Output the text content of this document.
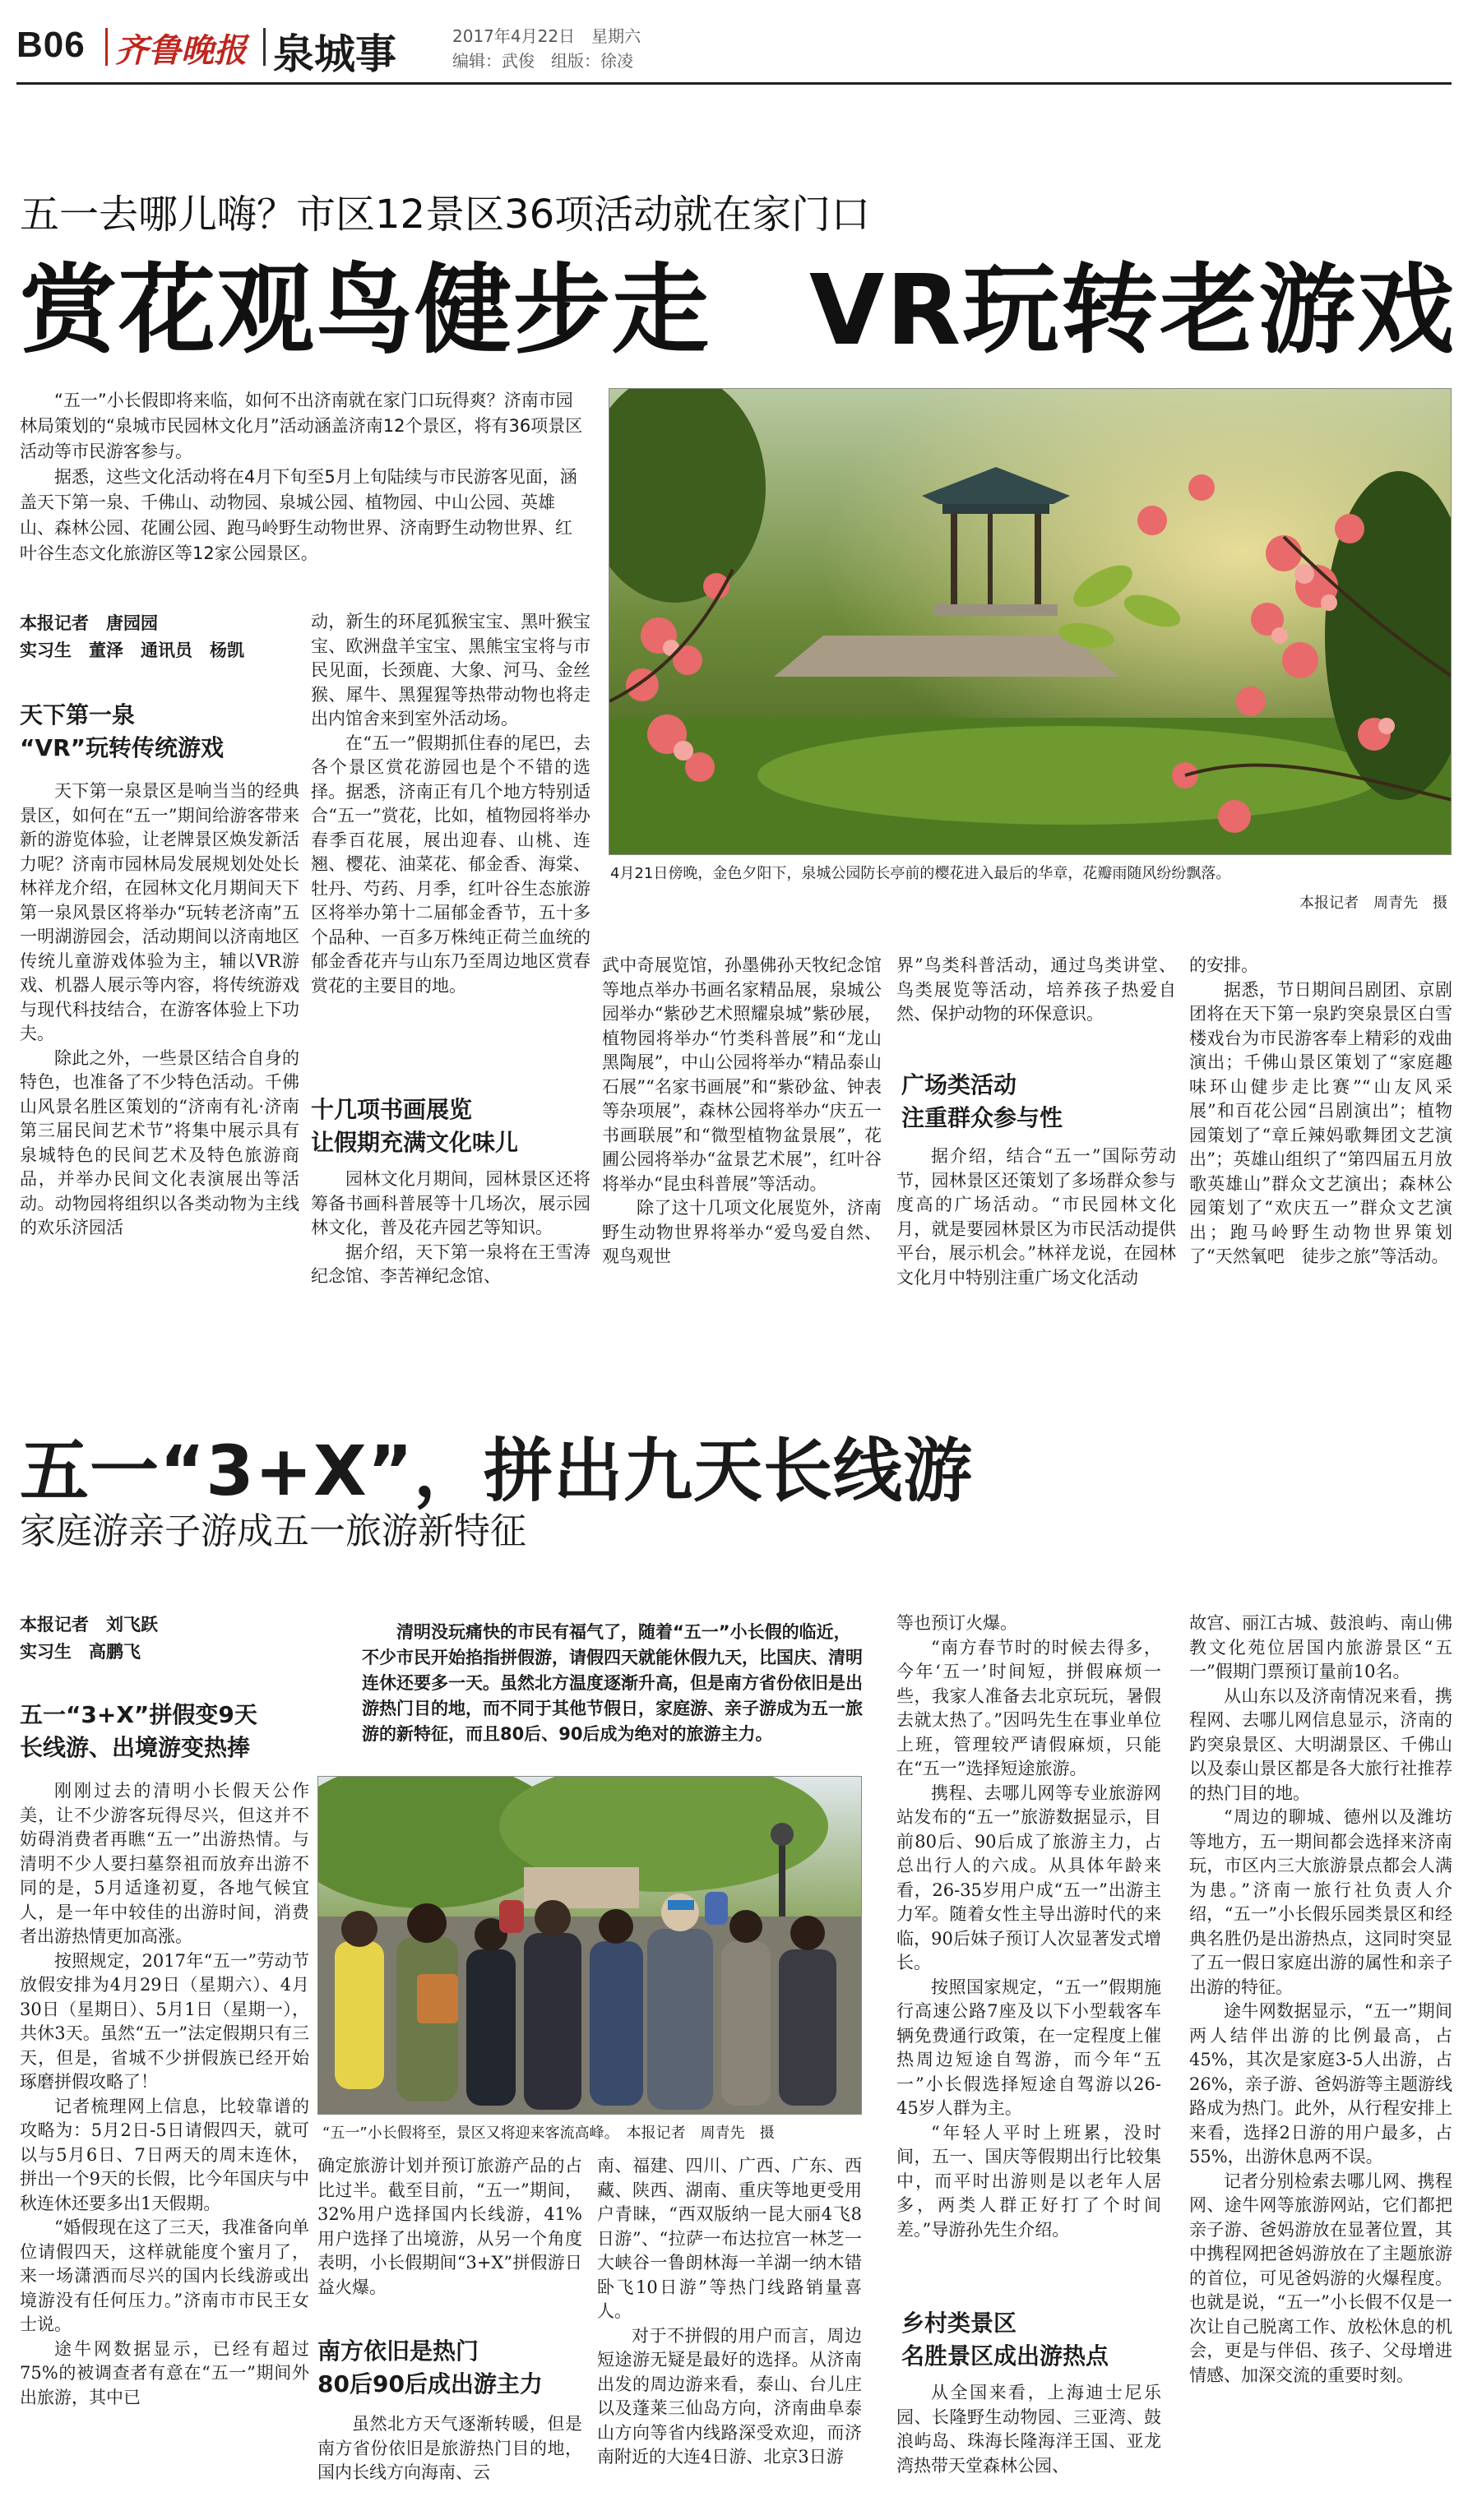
B06 齐鲁晚报 泉城事	2017年4月22日　星期六
编辑：武俊　组版：徐凌
五一去哪儿嗨？市区12景区36项活动就在家门口
赏花观鸟健步走　VR玩转老游戏

“五一”小长假即将来临，如何不出济南就在家门口玩得爽？济南市园林局策划的“泉城市民园林文化月”活动涵盖济南12个景区，将有36项景区活动等市民游客参与。

据悉，这些文化活动将在4月下旬至5月上旬陆续与市民游客见面，涵盖天下第一泉、千佛山、动物园、泉城公园、植物园、中山公园、英雄山、森林公园、花圃公园、跑马岭野生动物世界、济南野生动物世界、红叶谷生态文化旅游区等12家公园景区。

4月21日傍晚，金色夕阳下，泉城公园防长亭前的樱花进入最后的华章，花瓣雨随风纷纷飘落。
本报记者　周青先　摄
本报记者　唐园园
实习生　董泽　通讯员　杨凯
天下第一泉
“VR”玩转传统游戏

天下第一泉景区是响当当的经典景区，如何在“五一”期间给游客带来新的游览体验，让老牌景区焕发新活力呢？济南市园林局发展规划处处长林祥龙介绍，在园林文化月期间天下第一泉风景区将举办“玩转老济南”五一明湖游园会，活动期间以济南地区传统儿童游戏体验为主，辅以VR游戏、机器人展示等内容，将传统游戏与现代科技结合，在游客体验上下功夫。

除此之外，一些景区结合自身的特色，也准备了不少特色活动。千佛山风景名胜区策划的“济南有礼·济南第三届民间艺术节”将集中展示具有泉城特色的民间艺术及特色旅游商品，并举办民间文化表演展出等活动。动物园将组织以各类动物为主线的欢乐济园活

动，新生的环尾狐猴宝宝、黑叶猴宝宝、欧洲盘羊宝宝、黑熊宝宝将与市民见面，长颈鹿、大象、河马、金丝猴、犀牛、黑猩猩等热带动物也将走出内馆舍来到室外活动场。

在“五一”假期抓住春的尾巴，去各个景区赏花游园也是个不错的选择。据悉，济南正有几个地方特别适合“五一”赏花，比如，植物园将举办春季百花展，展出迎春、山桃、连翘、樱花、油菜花、郁金香、海棠、牡丹、芍药、月季，红叶谷生态旅游区将举办第十二届郁金香节，五十多个品种、一百多万株纯正荷兰血统的郁金香花卉与山东乃至周边地区赏春赏花的主要目的地。

十几项书画展览
让假期充满文化味儿

园林文化月期间，园林景区还将筹备书画科普展等十几场次，展示园林文化，普及花卉园艺等知识。

据介绍，天下第一泉将在王雪涛纪念馆、李苦禅纪念馆、

武中奇展览馆，孙墨佛孙天牧纪念馆等地点举办书画名家精品展，泉城公园举办“紫砂艺术照耀泉城”紫砂展，植物园将举办“竹类科普展”和“龙山黑陶展”，中山公园将举办“精品泰山石展”“名家书画展”和“紫砂盆、钟表等杂项展”，森林公园将举办“庆五一书画联展”和“微型植物盆景展”，花圃公园将举办“盆景艺术展”，红叶谷将举办“昆虫科普展”等活动。

除了这十几项文化展览外，济南野生动物世界将举办“爱鸟爱自然、观鸟观世

界”鸟类科普活动，通过鸟类讲堂、鸟类展览等活动，培养孩子热爱自然、保护动物的环保意识。

广场类活动
注重群众参与性

据介绍，结合“五一”国际劳动节，园林景区还策划了多场群众参与度高的广场活动。“市民园林文化月，就是要园林景区为市民活动提供平台，展示机会。”林祥龙说，在园林文化月中特别注重广场文化活动

的安排。

据悉，节日期间吕剧团、京剧团将在天下第一泉趵突泉景区白雪楼戏台为市民游客奉上精彩的戏曲演出；千佛山景区策划了“家庭趣味环山健步走比赛”“山友风采展”和百花公园“吕剧演出”；植物园策划了“章丘辣妈歌舞团文艺演出”；英雄山组织了“第四届五月放歌英雄山”群众文艺演出；森林公园策划了“欢庆五一”群众文艺演出；跑马岭野生动物世界策划了“天然氧吧　徒步之旅”等活动。

五一“3+X”，拼出九天长线游
家庭游亲子游成五一旅游新特征
本报记者　刘飞跃
实习生　高鹏飞
清明没玩痛快的市民有福气了，随着“五一”小长假的临近，不少市民开始掐指拼假游，请假四天就能休假九天，比国庆、清明连休还要多一天。虽然北方温度逐渐升高，但是南方省份依旧是出游热门目的地，而不同于其他节假日，家庭游、亲子游成为五一旅游的新特征，而且80后、90后成为绝对的旅游主力。
五一“3+X”拼假变9天
长线游、出境游变热捧

刚刚过去的清明小长假天公作美，让不少游客玩得尽兴，但这并不妨碍消费者再瞧“五一”出游热情。与清明不少人要扫墓祭祖而放弃出游不同的是，5月适逢初夏，各地气候宜人，是一年中较佳的出游时间，消费者出游热情更加高涨。

按照规定，2017年“五一”劳动节放假安排为4月29日（星期六）、4月30日（星期日）、5月1日（星期一），共休3天。虽然“五一”法定假期只有三天，但是，省城不少拼假族已经开始琢磨拼假攻略了！

记者梳理网上信息，比较靠谱的攻略为：5月2日-5日请假四天，就可以与5月6日、7日两天的周末连休，拼出一个9天的长假，比今年国庆与中秋连休还要多出1天假期。

“婚假现在这了三天，我准备向单位请假四天，这样就能度个蜜月了，来一场潇洒而尽兴的国内长线游或出境游没有任何压力。”济南市市民王女士说。

途牛网数据显示，已经有超过75%的被调查者有意在“五一”期间外出旅游，其中已

“五一”小长假将至，景区又将迎来客流高峰。　本报记者　周青先　摄

确定旅游计划并预订旅游产品的占比过半。截至目前，“五一”期间，32%用户选择国内长线游，41%用户选择了出境游，从另一个角度表明，小长假期间“3+X”拼假游日益火爆。

南方依旧是热门
80后90后成出游主力

虽然北方天气逐渐转暖，但是南方省份依旧是旅游热门目的地，国内长线方向海南、云

南、福建、四川、广西、广东、西藏、陕西、湖南、重庆等地更受用户青睐，“西双版纳一昆大丽4飞8日游”、“拉萨一布达拉宫一林芝一大峡谷一鲁朗林海一羊湖一纳木错卧飞10日游”等热门线路销量喜人。

对于不拼假的用户而言，周边短途游无疑是最好的选择。从济南出发的周边游来看，泰山、台儿庄以及蓬莱三仙岛方向，济南曲阜泰山方向等省内线路深受欢迎，而济南附近的大连4日游、北京3日游

等也预订火爆。

“南方春节时的时候去得多，今年‘五一’时间短，拼假麻烦一些，我家人准备去北京玩玩，暑假去就太热了。”因吗先生在事业单位上班，管理较严请假麻烦，只能在“五一”选择短途旅游。

携程、去哪儿网等专业旅游网站发布的“五一”旅游数据显示，目前80后、90后成了旅游主力，占总出行人的六成。从具体年龄来看，26-35岁用户成“五一”出游主力军。随着女性主导出游时代的来临，90后妹子预订人次显著发式增长。

按照国家规定，“五一”假期施行高速公路7座及以下小型载客车辆免费通行政策，在一定程度上催热周边短途自驾游，而今年“五一”小长假选择短途自驾游以26-45岁人群为主。

“年轻人平时上班累，没时间，五一、国庆等假期出行比较集中，而平时出游则是以老年人居多，两类人群正好打了个时间差。”导游孙先生介绍。

乡村类景区
名胜景区成出游热点

从全国来看，上海迪士尼乐园、长隆野生动物园、三亚湾、鼓浪屿岛、珠海长隆海洋王国、亚龙湾热带天堂森林公园、

故宫、丽江古城、鼓浪屿、南山佛教文化苑位居国内旅游景区“五一”假期门票预订量前10名。

从山东以及济南情况来看，携程网、去哪儿网信息显示，济南的趵突泉景区、大明湖景区、千佛山以及泰山景区都是各大旅行社推荐的热门目的地。

“周边的聊城、德州以及潍坊等地方，五一期间都会选择来济南玩，市区内三大旅游景点都会人满为患。”济南一旅行社负责人介绍，“五一”小长假乐园类景区和经典名胜仍是出游热点，这同时突显了五一假日家庭出游的属性和亲子出游的特征。

途牛网数据显示，“五一”期间两人结伴出游的比例最高，占45%，其次是家庭3-5人出游，占26%，亲子游、爸妈游等主题游线路成为热门。此外，从行程安排上来看，选择2日游的用户最多，占55%，出游休息两不误。

记者分别检索去哪儿网、携程网、途牛网等旅游网站，它们都把亲子游、爸妈游放在显著位置，其中携程网把爸妈游放在了主题旅游的首位，可见爸妈游的火爆程度。也就是说，“五一”小长假不仅是一次让自己脱离工作、放松休息的机会，更是与伴侣、孩子、父母增进情感、加深交流的重要时刻。
